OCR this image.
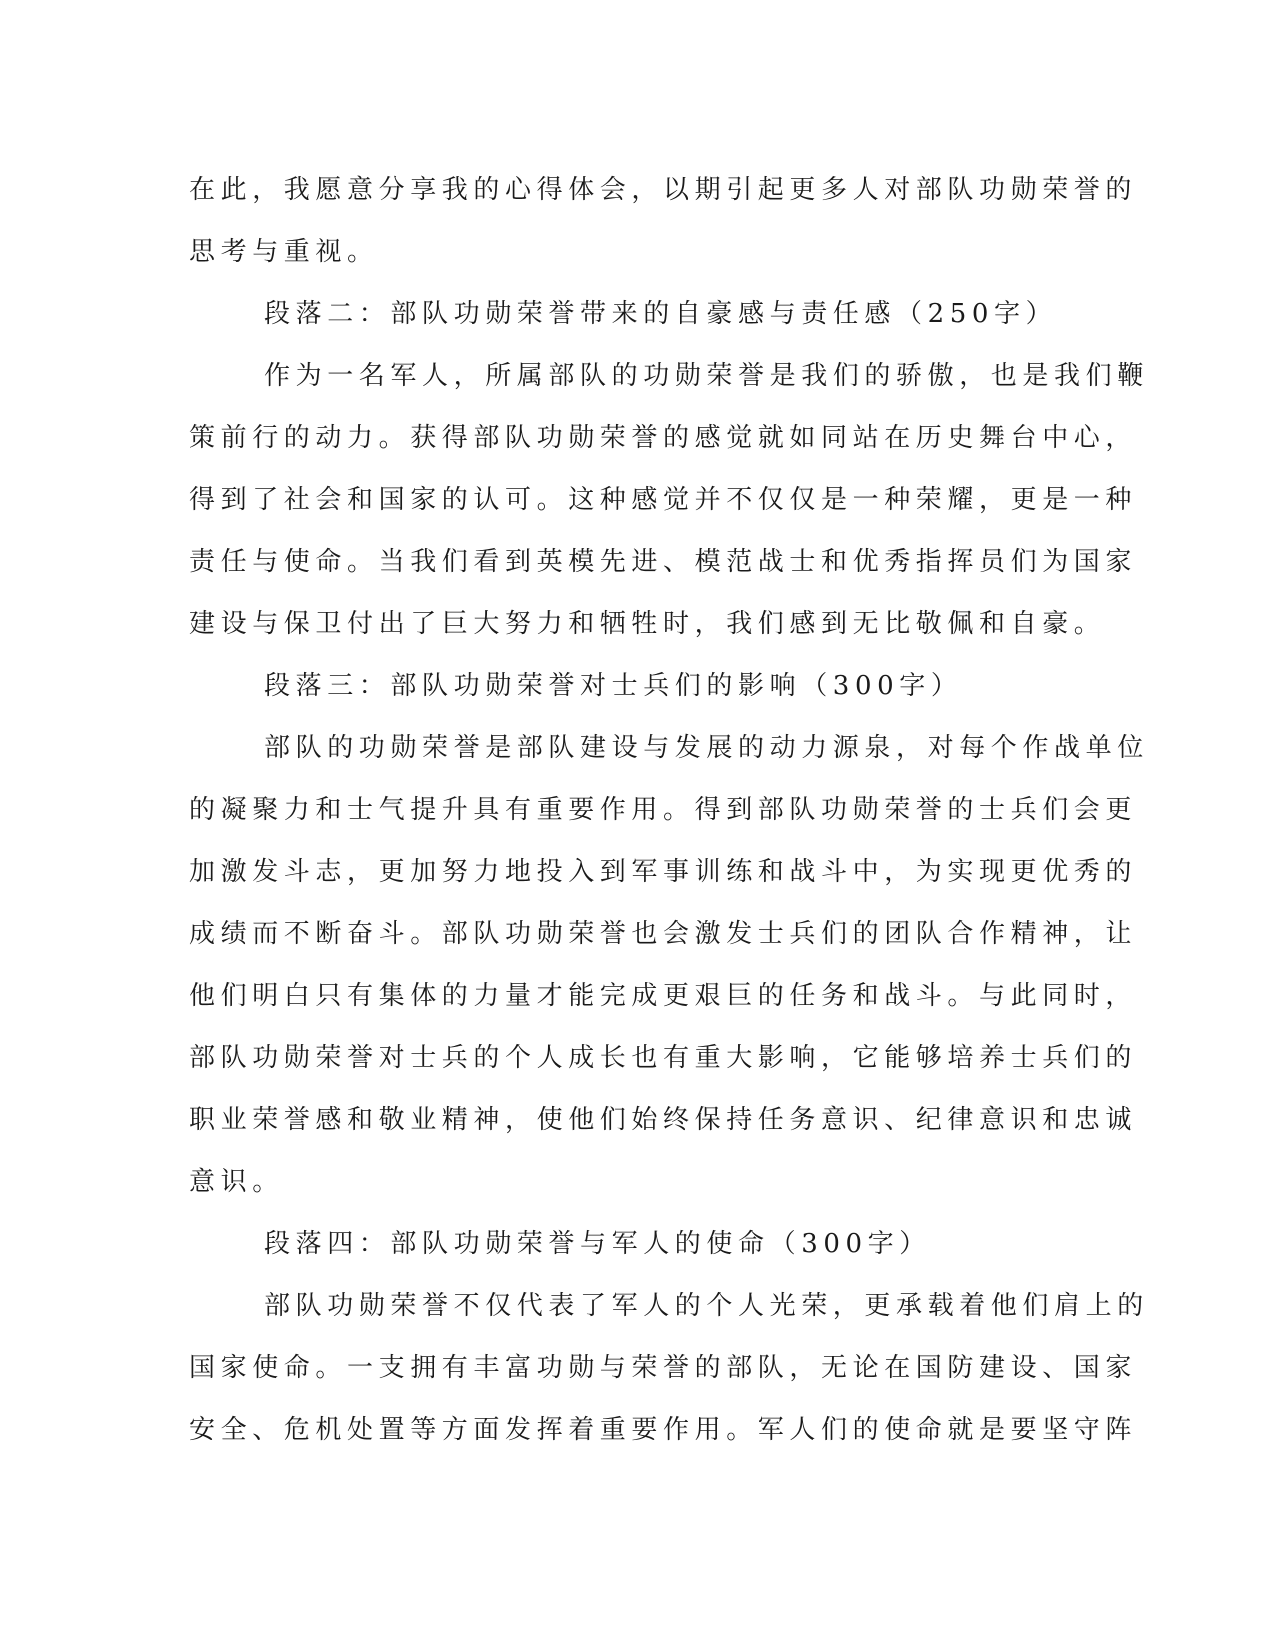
在此，我愿意分享我的心得体会，以期引起更多人对部队功勋荣誉的
思考与重视。
段落二：部队功勋荣誉带来的自豪感与责任感（250字）
作为一名军人，所属部队的功勋荣誉是我们的骄傲，也是我们鞭
策前行的动力。获得部队功勋荣誉的感觉就如同站在历史舞台中心，
得到了社会和国家的认可。这种感觉并不仅仅是一种荣耀，更是一种
责任与使命。当我们看到英模先进、模范战士和优秀指挥员们为国家
建设与保卫付出了巨大努力和牺牲时，我们感到无比敬佩和自豪。
段落三：部队功勋荣誉对士兵们的影响（300字）
部队的功勋荣誉是部队建设与发展的动力源泉，对每个作战单位
的凝聚力和士气提升具有重要作用。得到部队功勋荣誉的士兵们会更
加激发斗志，更加努力地投入到军事训练和战斗中，为实现更优秀的
成绩而不断奋斗。部队功勋荣誉也会激发士兵们的团队合作精神，让
他们明白只有集体的力量才能完成更艰巨的任务和战斗。与此同时，
部队功勋荣誉对士兵的个人成长也有重大影响，它能够培养士兵们的
职业荣誉感和敬业精神，使他们始终保持任务意识、纪律意识和忠诚
意识。
段落四：部队功勋荣誉与军人的使命（300字）
部队功勋荣誉不仅代表了军人的个人光荣，更承载着他们肩上的
国家使命。一支拥有丰富功勋与荣誉的部队，无论在国防建设、国家
安全、危机处置等方面发挥着重要作用。军人们的使命就是要坚守阵
